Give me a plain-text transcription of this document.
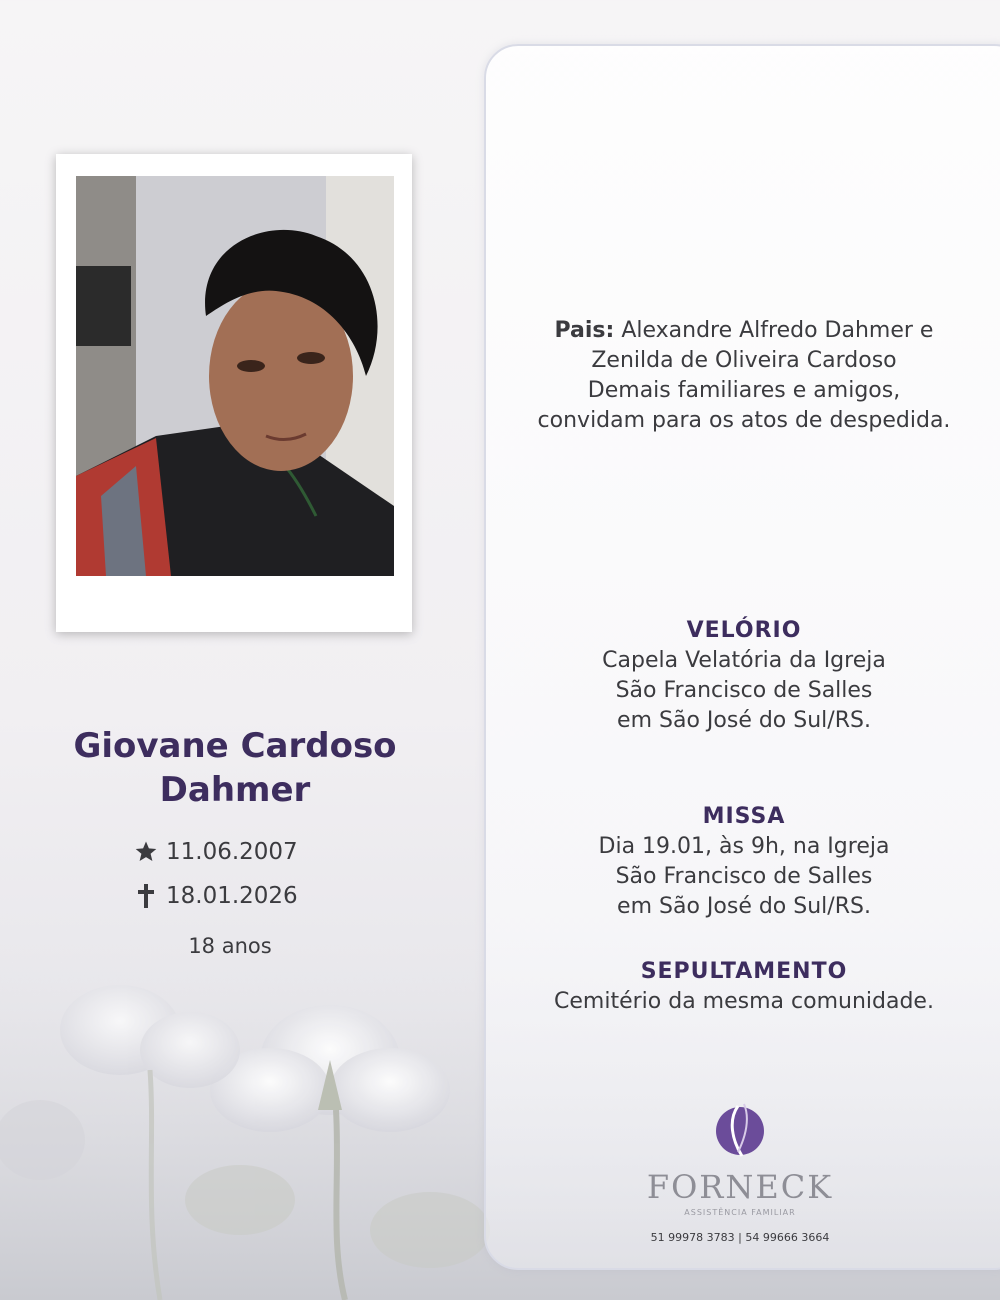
Giovane Cardoso
Dahmer
11.06.2007
18.01.2026
18 anos
Pais: Alexandre Alfredo Dahmer e
Zenilda de Oliveira Cardoso
Demais familiares e amigos,
convidam para os atos de despedida.
VELÓRIO
Capela Velatória da Igreja
São Francisco de Salles
em São José do Sul/RS.
MISSA
Dia 19.01, às 9h, na Igreja
São Francisco de Salles
em São José do Sul/RS.
SEPULTAMENTO
Cemitério da mesma comunidade.
FORNECK
ASSISTÊNCIA FAMILIAR
51 99978 3783 | 54 99666 3664
